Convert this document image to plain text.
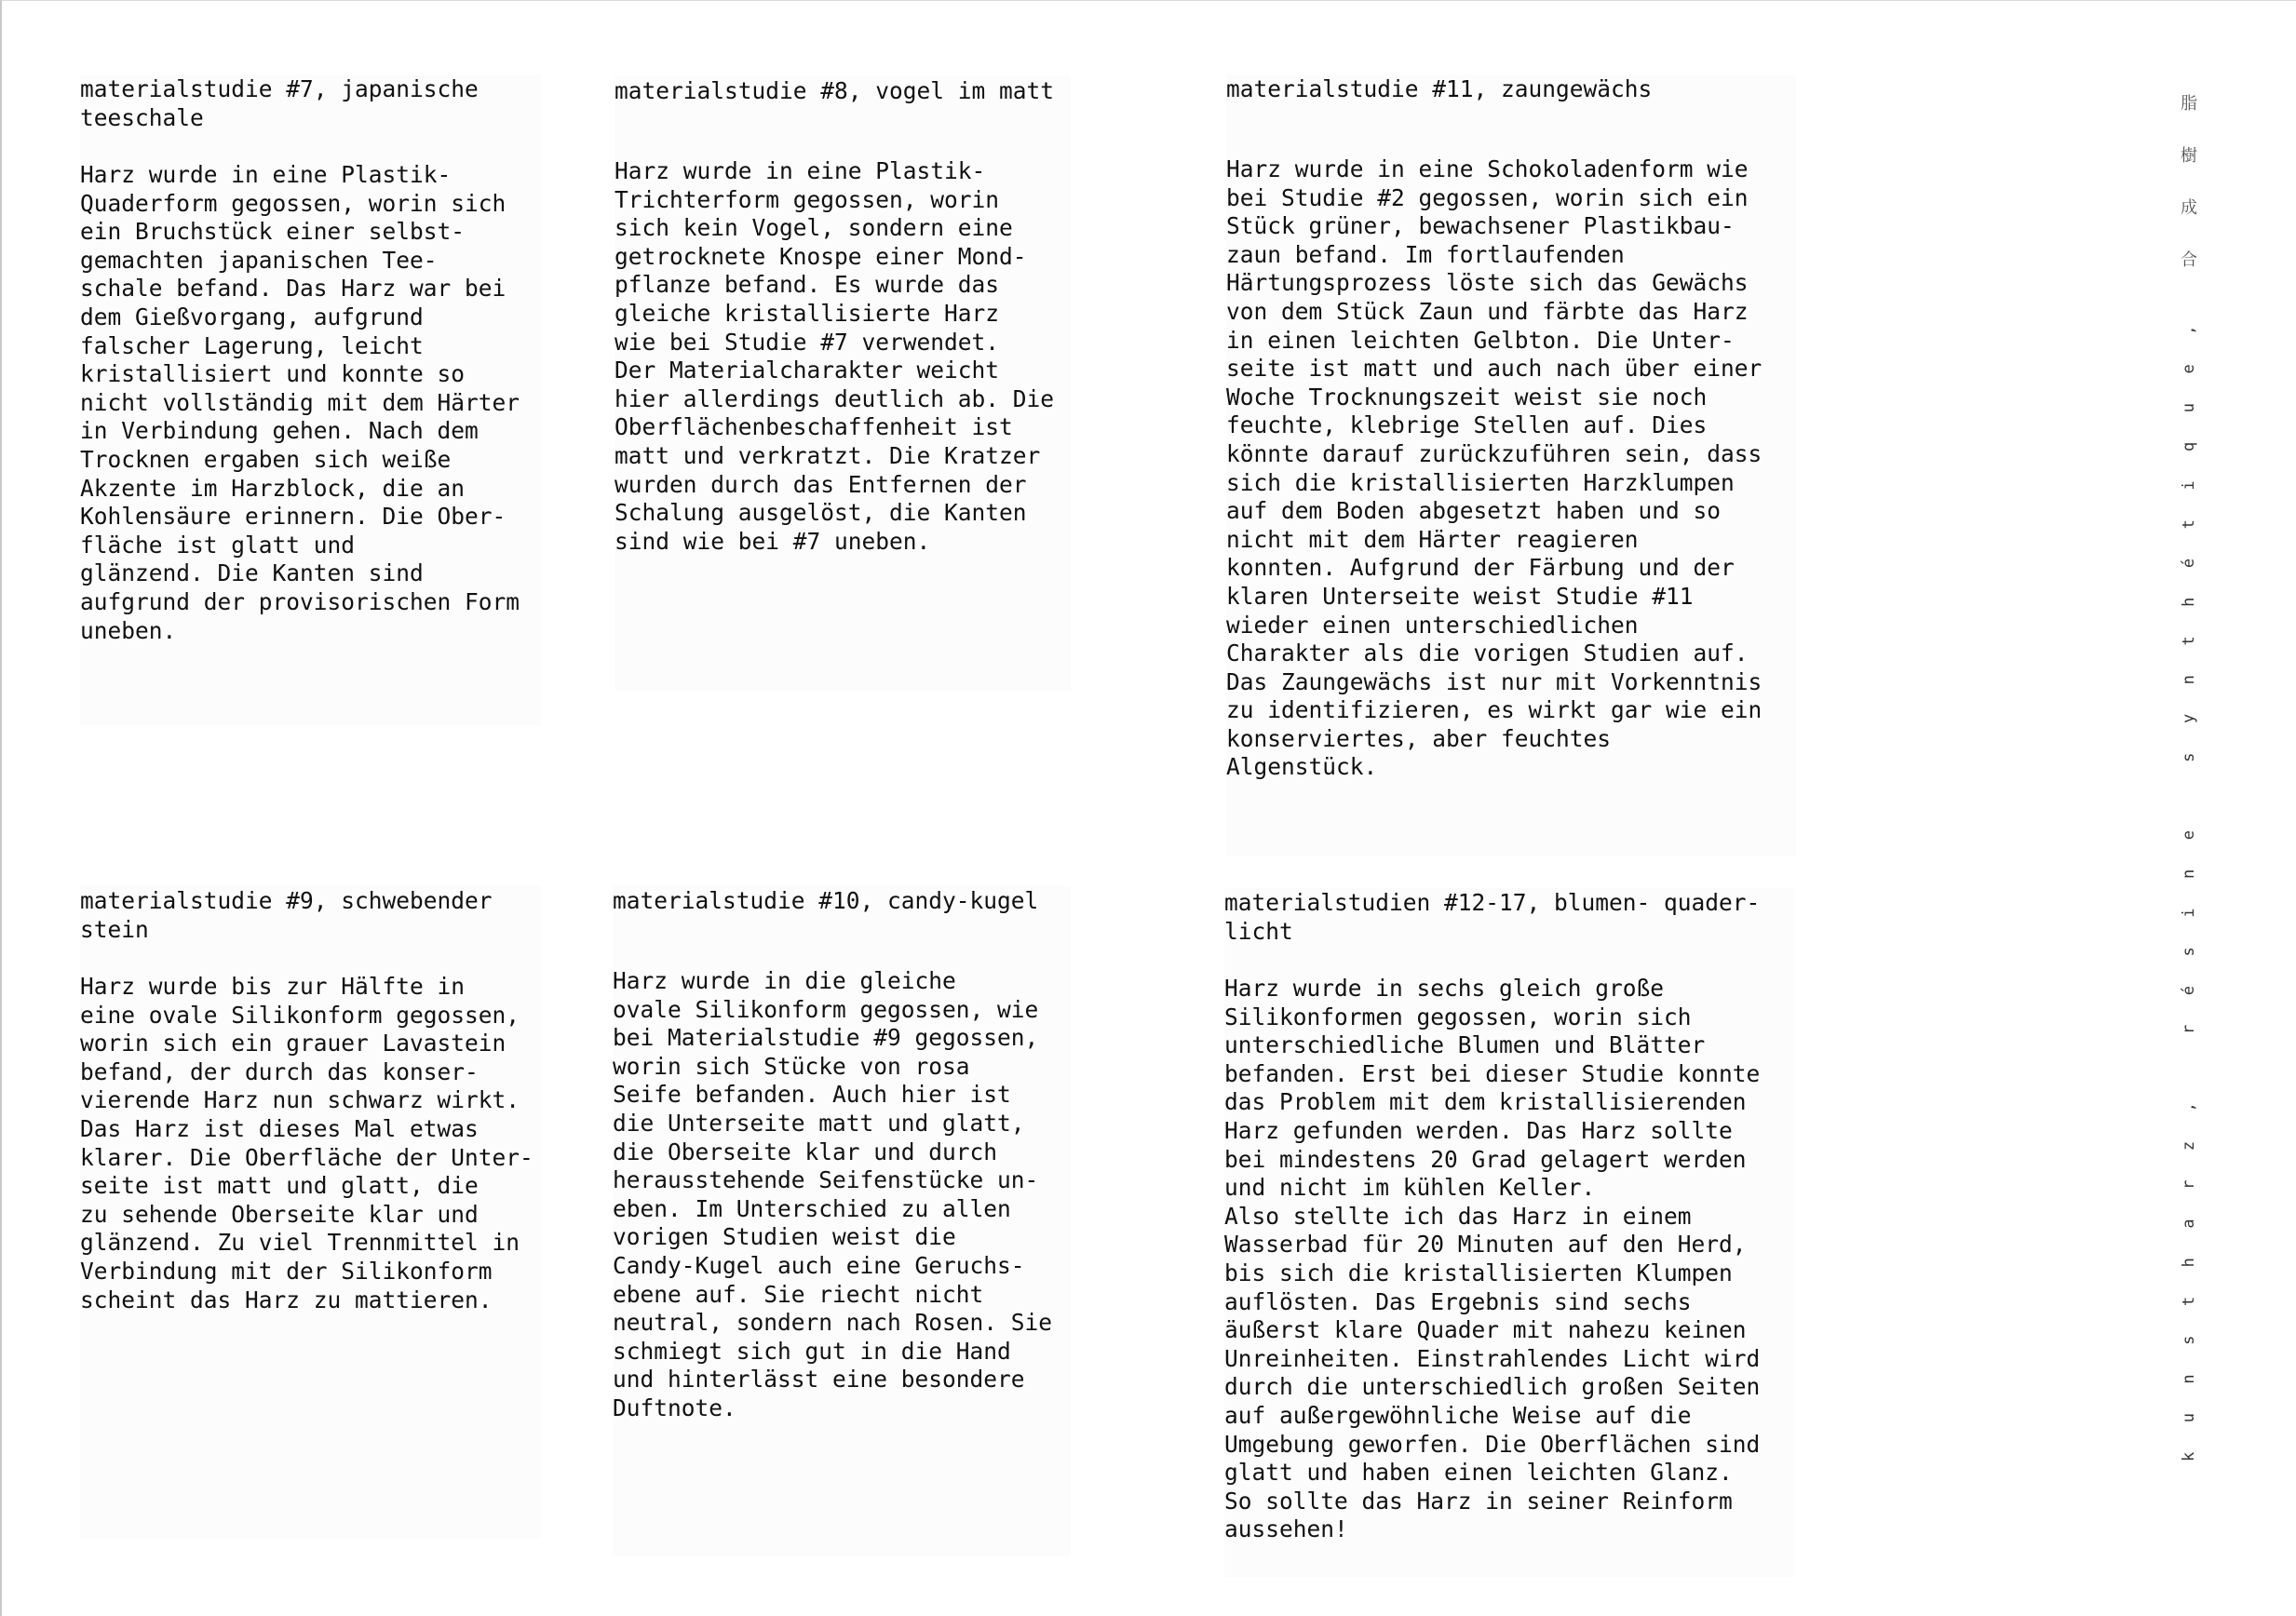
materialstudie #7, japanische
teeschale

Harz wurde in eine Plastik-
Quaderform gegossen, worin sich
ein Bruchstück einer selbst-
gemachten japanischen Tee-
schale befand. Das Harz war bei
dem Gießvorgang, aufgrund
falscher Lagerung, leicht
kristallisiert und konnte so
nicht vollständig mit dem Härter
in Verbindung gehen. Nach dem
Trocknen ergaben sich weiße
Akzente im Harzblock, die an
Kohlensäure erinnern. Die Ober-
fläche ist glatt und
glänzend. Die Kanten sind
aufgrund der provisorischen Form
uneben.

materialstudie #8, vogel im matt

Harz wurde in eine Plastik-
Trichterform gegossen, worin
sich kein Vogel, sondern eine
getrocknete Knospe einer Mond-
pflanze befand. Es wurde das
gleiche kristallisierte Harz
wie bei Studie #7 verwendet.
Der Materialcharakter weicht
hier allerdings deutlich ab. Die
Oberflächenbeschaffenheit ist
matt und verkratzt. Die Kratzer
wurden durch das Entfernen der
Schalung ausgelöst, die Kanten
sind wie bei #7 uneben.

materialstudie #11, zaungewächs

Harz wurde in eine Schokoladenform wie
bei Studie #2 gegossen, worin sich ein
Stück grüner, bewachsener Plastikbau-
zaun befand. Im fortlaufenden
Härtungsprozess löste sich das Gewächs
von dem Stück Zaun und färbte das Harz
in einen leichten Gelbton. Die Unter-
seite ist matt und auch nach über einer
Woche Trocknungszeit weist sie noch
feuchte, klebrige Stellen auf. Dies
könnte darauf zurückzuführen sein, dass
sich die kristallisierten Harzklumpen
auf dem Boden abgesetzt haben und so
nicht mit dem Härter reagieren
konnten. Aufgrund der Färbung und der
klaren Unterseite weist Studie #11
wieder einen unterschiedlichen
Charakter als die vorigen Studien auf.
Das Zaungewächs ist nur mit Vorkenntnis
zu identifizieren, es wirkt gar wie ein
konserviertes, aber feuchtes
Algenstück.

materialstudie #9, schwebender
stein

Harz wurde bis zur Hälfte in
eine ovale Silikonform gegossen,
worin sich ein grauer Lavastein
befand, der durch das konser-
vierende Harz nun schwarz wirkt.
Das Harz ist dieses Mal etwas
klarer. Die Oberfläche der Unter-
seite ist matt und glatt, die
zu sehende Oberseite klar und
glänzend. Zu viel Trennmittel in
Verbindung mit der Silikonform
scheint das Harz zu mattieren.

materialstudie #10, candy-kugel

Harz wurde in die gleiche
ovale Silikonform gegossen, wie
bei Materialstudie #9 gegossen,
worin sich Stücke von rosa
Seife befanden. Auch hier ist
die Unterseite matt und glatt,
die Oberseite klar und durch
herausstehende Seifenstücke un-
eben. Im Unterschied zu allen
vorigen Studien weist die
Candy-Kugel auch eine Geruchs-
ebene auf. Sie riecht nicht
neutral, sondern nach Rosen. Sie
schmiegt sich gut in die Hand
und hinterlässt eine besondere
Duftnote.

materialstudien #12-17, blumen- quader-
licht

Harz wurde in sechs gleich große
Silikonformen gegossen, worin sich
unterschiedliche Blumen und Blätter
befanden. Erst bei dieser Studie konnte
das Problem mit dem kristallisierenden
Harz gefunden werden. Das Harz sollte
bei mindestens 20 Grad gelagert werden
und nicht im kühlen Keller.
Also stellte ich das Harz in einem
Wasserbad für 20 Minuten auf den Herd,
bis sich die kristallisierten Klumpen
auflösten. Das Ergebnis sind sechs
äußerst klare Quader mit nahezu keinen
Unreinheiten. Einstrahlendes Licht wird
durch die unterschiedlich großen Seiten
auf außergewöhnliche Weise auf die
Umgebung geworfen. Die Oberflächen sind
glatt und haben einen leichten Glanz.
So sollte das Harz in seiner Reinform
aussehen!

脂
樹
成
合
kunstharz, résine synthétique,
